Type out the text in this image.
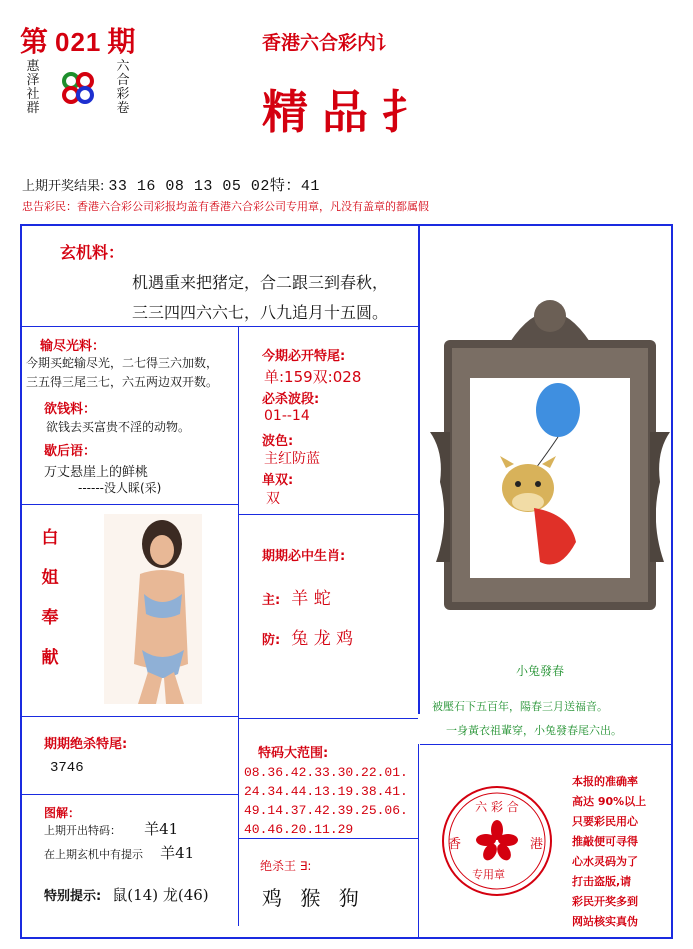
第 021 期
惠泽社群
六合彩卷
香港六合彩内讠
精品扌
上期开奖结果: 33 16 08 13 05 02特：41
忠告彩民：香港六合彩公司彩报均盖有香港六合彩公司专用章，凡没有盖章的都属假
玄机料：
机遇重来把猪定，合二跟三到春秋，
三三四四六六七，八九追月十五圆。
输尽光料：
今期买蛇输尽光，二七得三六加数，
三五得三尾三七，六五两边双开数。
欲钱料：
欲钱去买富贵不淫的动物。
歇后语：
万丈悬崖上的鲜桃
------没人睬(采)
白
姐
奉
献
今期必开特尾:
单:159双:028
必杀波段:
01--14
波色:
主红防蓝
单双:
双
期期必中生肖:
主: 羊 蛇
防: 兔 龙 鸡
小兔發春
被壓石下五百年，陽春三月送福音。
一身黃衣祖輩穿，小兔發春尾六出。
期期绝杀特尾:
3746
图解：
上期开出特码： 羊41
在上期玄机中有提示 羊41
特别提示: 鼠(14) 龙(46)
特码大范围:
08.36.42.33.30.22.01.
24.34.44.13.19.38.41.
49.14.37.42.39.25.06.
40.46.20.11.29
绝杀王 ∃:
鸡 猴 狗
六 彩 合
香	港
专用章
本报的准确率
高达 90%以上
只要彩民用心
推敲便可寻得
心水灵码为了
打击盗版,请
彩民开奖多到
网站核实真伪
